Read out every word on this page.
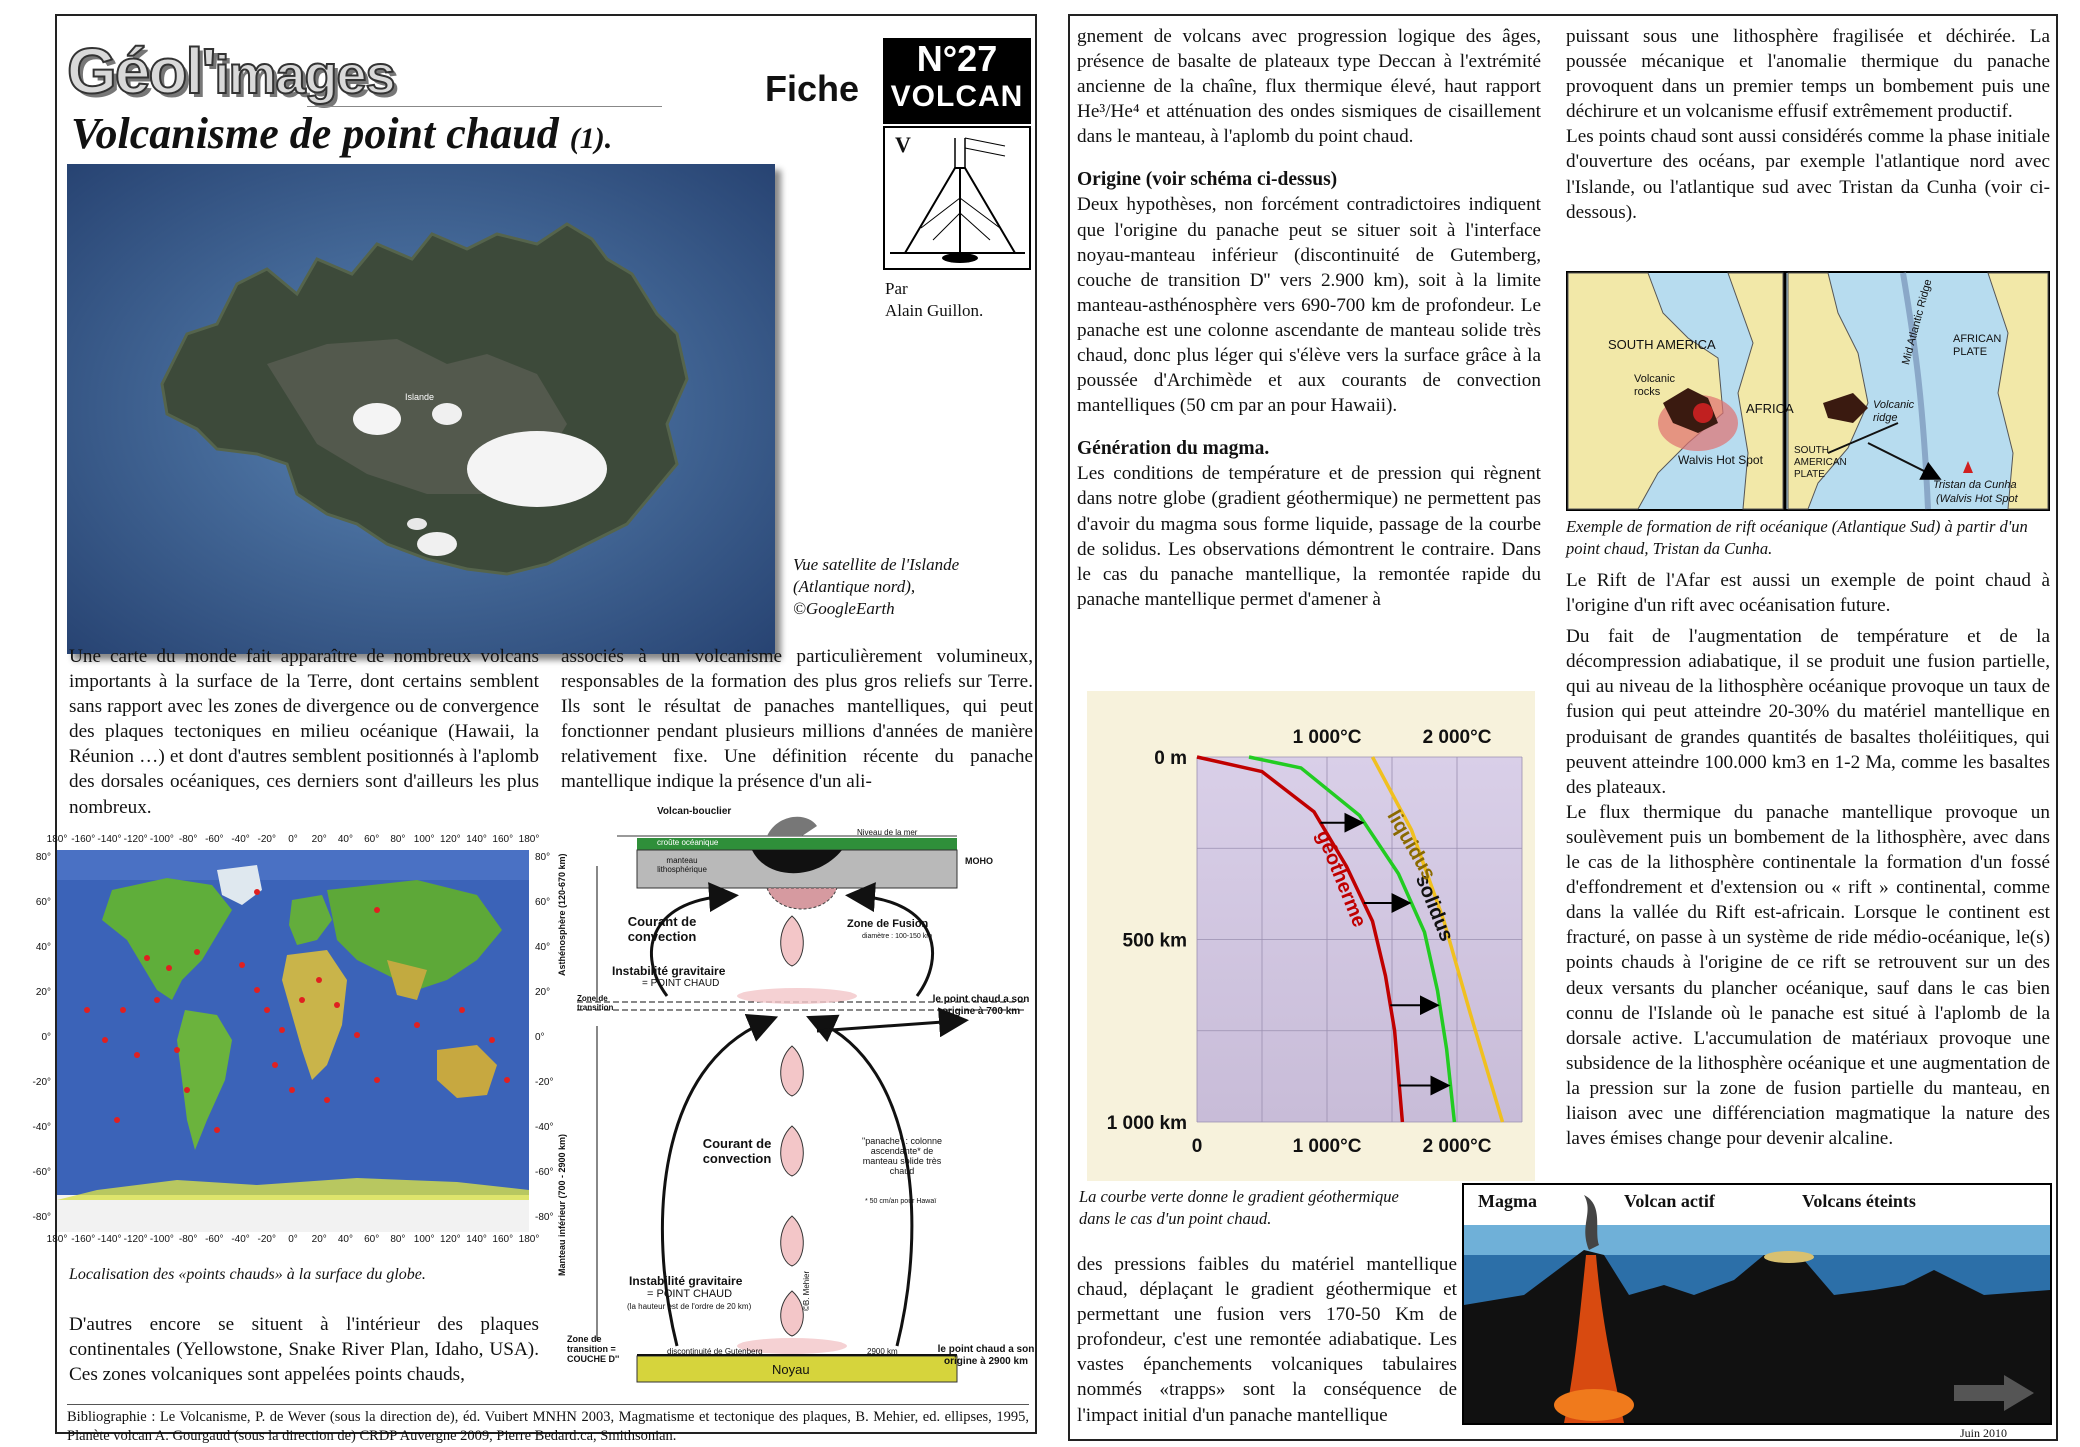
Géol'images	Fiche
N°27
VOLCAN
V
Par
Alain Guillon.
Volcanisme de point chaud (1).
Islande
Vue satellite de l'Islande
(Atlantique nord),
©GoogleEarth
Une carte du monde fait apparaître de nombreux volcans importants à la surface de la Terre, dont certains semblent sans rapport avec les zones de divergence ou de convergence des plaques tectoniques en milieu océanique (Hawaii, la Réunion …) et dont d'autres semblent positionnés à l'aplomb des dorsales océaniques, ces derniers sont d'ailleurs les plus nombreux.
associés à un volcanisme particulièrement volumineux, responsables de la formation des plus gros reliefs sur Terre. Ils sont le résultat de panaches mantelliques, qui peut fonctionner pendant plusieurs millions d'années de manière relativement fixe. Une définition récente du panache mantellique indique la présence d'un ali-
180° -160° -140° -120° -100° -80° -60° -40° -20° 0° 20° 40° 60° 80° 100° 120° 140° 160° 180°
180° -160° -140° -120° -100° -80° -60° -40° -20° 0° 20° 40° 60° 80° 100° 120° 140° 160° 180°
80°
60°
40°
20°
0°
-20°
-40°
-60°
-80°
80°
60°
40°
20°
0°
-20°
-40°
-60°
-80°
Localisation des «points chauds» à la surface du globe.
D'autres encore se situent à l'intérieur des plaques continentales (Yellowstone, Snake River Plan, Idaho, USA). Ces zones volcaniques sont appelées points chauds,
Volcan-bouclier
Niveau de la mer
croûte océanique
MOHO
manteau lithosphérique
Asthénosphère (120-670 km)	Courant de convection
Zone de Fusion
diamètre : 100-150 km
Instabilité gravitaire
= POINT CHAUD
Zone de transition
le point chaud a son origine à 700 km
Manteau inférieur (700 - 2900 km)	Courant de convection
"panache" : colonne ascendante* de manteau solide très chaud
* 50 cm/an pour Hawaï
Instabilité gravitaire
= POINT CHAUD
(la hauteur est de l'ordre de 20 km)
Zone de transition = COUCHE D''
discontinuité de Gutenberg	2900 km
Noyau
le point chaud a son origine à 2900 km
©B. Mehier
Bibliographie : Le Volcanisme, P. de Wever (sous la direction de), éd. Vuibert MNHN 2003, Magmatisme et tectonique des plaques, B. Mehier, ed. ellipses, 1995, Planète volcan A. Gourgaud (sous la direction de) CRDP Auvergne 2009, Pierre Bedard.ca, Smithsonian.

gnement de volcans avec progression logique des âges, présence de basalte de plateaux type Deccan à l'extrémité ancienne de la chaîne, flux thermique élevé, haut rapport He³/He⁴ et atténuation des ondes sismiques de cisaillement dans le manteau, à l'aplomb du point chaud.

Origine (voir schéma ci-dessus)

Deux hypothèses, non forcément contradictoires indiquent que l'origine du panache peut se situer soit à l'interface noyau-manteau inférieur (discontinuité de Gutemberg, couche de transition D'' vers 2.900 km), soit à la limite manteau-asthénosphère vers 690-700 km de profondeur. Le panache est une colonne ascendante de manteau solide très chaud, donc plus léger qui s'élève vers la surface grâce à la poussée d'Archimède et aux courants de convection mantelliques (50 cm par an pour Hawaii).

Génération du magma.

Les conditions de température et de pression qui règnent dans notre globe (gradient géothermique) ne permettent pas d'avoir du magma sous forme liquide, passage de la courbe de solidus. Les observations démontrent le contraire. Dans le cas du panache mantellique, la remontée rapide du panache mantellique permet d'amener à

0
1 000°C
1 000°C
2 000°C
2 000°C
0 m
500 km
1 000 km
géotherme solidus
liquidus
La courbe verte donne le gradient géothermique dans le cas d'un point chaud.
des pressions faibles du matériel mantellique chaud, déplaçant le gradient géothermique et permettant une fusion vers 170-50 Km de profondeur, c'est une remontée adiabatique. Les vastes épanchements volcaniques tabulaires nommés «trapps» sont la conséquence de l'impact initial d'un panache mantellique

puissant sous une lithosphère fragilisée et déchirée. La poussée mécanique et l'anomalie thermique du panache provoquent dans un premier temps un bombement puis une déchirure et un volcanisme effusif extrêmement productif.

Les points chaud sont aussi considérés comme la phase initiale d'ouverture des océans, par exemple l'atlantique nord avec l'Islande, ou l'atlantique sud avec Tristan da Cunha (voir ci-dessous).

SOUTH AMERICA
Volcanic rocks
AFRICA
Walvis Hot Spot
Mid Atlantic Ridge AFRICAN PLATE
Volcanic ridge
SOUTH AMERICAN PLATE
Tristan da Cunha
(Walvis Hot Spot
Exemple de formation de rift océanique (Atlantique Sud) à partir d'un point chaud, Tristan da Cunha.

Le Rift de l'Afar est aussi un exemple de point chaud à l'origine d'un rift avec océanisation future.

Du fait de l'augmentation de température et de la décompression adiabatique, il se produit une fusion partielle, qui au niveau de la lithosphère océanique provoque un taux de fusion qui peut atteindre 20-30% du matériel mantellique en produisant de grandes quantités de basaltes tholéiitiques, qui peuvent atteindre 100.000 km3 en 1-2 Ma, comme les basaltes des plateaux.

Le flux thermique du panache mantellique provoque un soulèvement puis un bombement de la lithosphère, avec dans le cas de la lithosphère continentale la formation d'un fossé d'effondrement et d'extension ou « rift » continental, comme dans la vallée du Rift est-africain. Lorsque le continent est fracturé, on passe à un système de ride médio-océanique, le(s) points chauds à l'origine de ce rift se retrouvent sur un des deux versants du plancher océanique, sauf dans le cas bien connu de l'Islande où le panache est situé à l'aplomb de la dorsale active. L'accumulation de matériaux provoque une subsidence de la lithosphère océanique et une augmentation de la pression sur la zone de fusion partielle du manteau, en liaison avec une différenciation magmatique la nature des laves émises change pour devenir alcaline.

Magma	Volcan actif	Volcans éteints
Juin 2010
